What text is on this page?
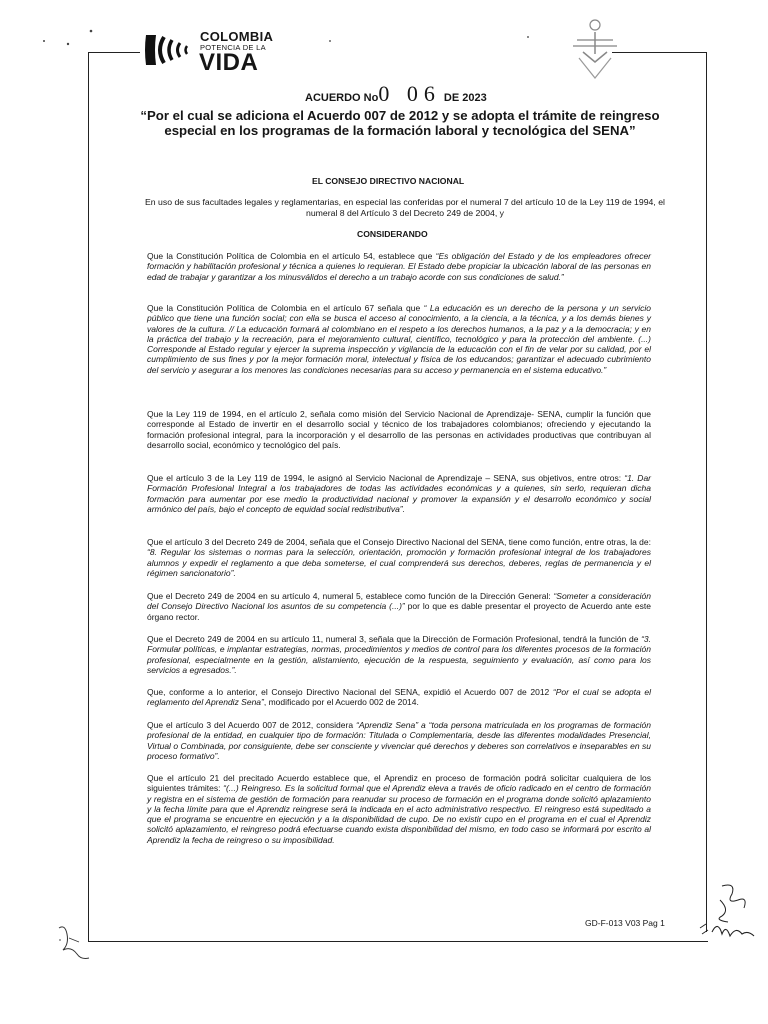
COLOMBIA
POTENCIA DE LA
VIDA
ACUERDO No0 06 DE 2023
“Por el cual se adiciona el Acuerdo 007 de 2012 y se adopta el trámite de reingreso especial en los programas de la formación laboral y tecnológica del SENA”
EL CONSEJO DIRECTIVO NACIONAL
En uso de sus facultades legales y reglamentarias, en especial las conferidas por el numeral 7 del artículo 10 de la Ley 119 de 1994, el numeral 8 del Artículo 3 del Decreto 249 de 2004, y
CONSIDERANDO
Que la Constitución Política de Colombia en el artículo 54, establece que “Es obligación del Estado y de los empleadores ofrecer formación y habilitación profesional y técnica a quienes lo requieran. El Estado debe propiciar la ubicación laboral de las personas en edad de trabajar y garantizar a los minusválidos el derecho a un trabajo acorde con sus condiciones de salud.”
Que la Constitución Política de Colombia en el artículo 67 señala que “ La educación es un derecho de la persona y un servicio público que tiene una función social; con ella se busca el acceso al conocimiento, a la ciencia, a la técnica, y a los demás bienes y valores de la cultura. // La educación formará al colombiano en el respeto a los derechos humanos, a la paz y a la democracia; y en la práctica del trabajo y la recreación, para el mejoramiento cultural, científico, tecnológico y para la protección del ambiente. (...) Corresponde al Estado regular y ejercer la suprema inspección y vigilancia de la educación con el fin de velar por su calidad, por el cumplimiento de sus fines y por la mejor formación moral, intelectual y física de los educandos; garantizar el adecuado cubrimiento del servicio y asegurar a los menores las condiciones necesarias para su acceso y permanencia en el sistema educativo.”
Que la Ley 119 de 1994, en el artículo 2, señala como misión del Servicio Nacional de Aprendizaje- SENA, cumplir la función que corresponde al Estado de invertir en el desarrollo social y técnico de los trabajadores colombianos; ofreciendo y ejecutando la formación profesional integral, para la incorporación y el desarrollo de las personas en actividades productivas que contribuyan al desarrollo social, económico y tecnológico del país.
Que el artículo 3 de la Ley 119 de 1994, le asignó al Servicio Nacional de Aprendizaje – SENA, sus objetivos, entre otros: “1. Dar Formación Profesional Integral a los trabajadores de todas las actividades económicas y a quienes, sin serlo, requieran dicha formación para aumentar por ese medio la productividad nacional y promover la expansión y el desarrollo económico y social armónico del país, bajo el concepto de equidad social redistributiva”.
Que el artículo 3 del Decreto 249 de 2004, señala que el Consejo Directivo Nacional del SENA, tiene como función, entre otras, la de: “8. Regular los sistemas o normas para la selección, orientación, promoción y formación profesional integral de los trabajadores alumnos y expedir el reglamento a que deba someterse, el cual comprenderá sus derechos, deberes, reglas de permanencia y el régimen sancionatorio”.
Que el Decreto 249 de 2004 en su artículo 4, numeral 5, establece como función de la Dirección General: “Someter a consideración del Consejo Directivo Nacional los asuntos de su competencia (...)” por lo que es dable presentar el proyecto de Acuerdo ante este órgano rector.
Que el Decreto 249 de 2004 en su artículo 11, numeral 3, señala que la Dirección de Formación Profesional, tendrá la función de “3. Formular políticas, e implantar estrategias, normas, procedimientos y medios de control para los diferentes procesos de la formación profesional, especialmente en la gestión, alistamiento, ejecución de la respuesta, seguimiento y evaluación, así como para los servicios a egresados.”.
Que, conforme a lo anterior, el Consejo Directivo Nacional del SENA, expidió el Acuerdo 007 de 2012 “Por el cual se adopta el reglamento del Aprendiz Sena”, modificado por el Acuerdo 002 de 2014.
Que el artículo 3 del Acuerdo 007 de 2012, considera “Aprendiz Sena” a “toda persona matriculada en los programas de formación profesional de la entidad, en cualquier tipo de formación: Titulada o Complementaria, desde las diferentes modalidades Presencial, Virtual o Combinada, por consiguiente, debe ser consciente y vivenciar qué derechos y deberes son correlativos e inseparables en su proceso formativo”.
Que el artículo 21 del precitado Acuerdo establece que, el Aprendiz en proceso de formación podrá solicitar cualquiera de los siguientes trámites: “(...) Reingreso. Es la solicitud formal que el Aprendiz eleva a través de oficio radicado en el centro de formación y registra en el sistema de gestión de formación para reanudar su proceso de formación en el programa donde solicitó aplazamiento y la fecha límite para que el Aprendiz reingrese será la indicada en el acto administrativo respectivo. El reingreso está supeditado a que el programa se encuentre en ejecución y a la disponibilidad de cupo. De no existir cupo en el programa en el cual el Aprendiz solicitó aplazamiento, el reingreso podrá efectuarse cuando exista disponibilidad del mismo, en todo caso se informará por escrito al Aprendiz la fecha de reingreso o su imposibilidad.
GD-F-013 V03 Pag 1
